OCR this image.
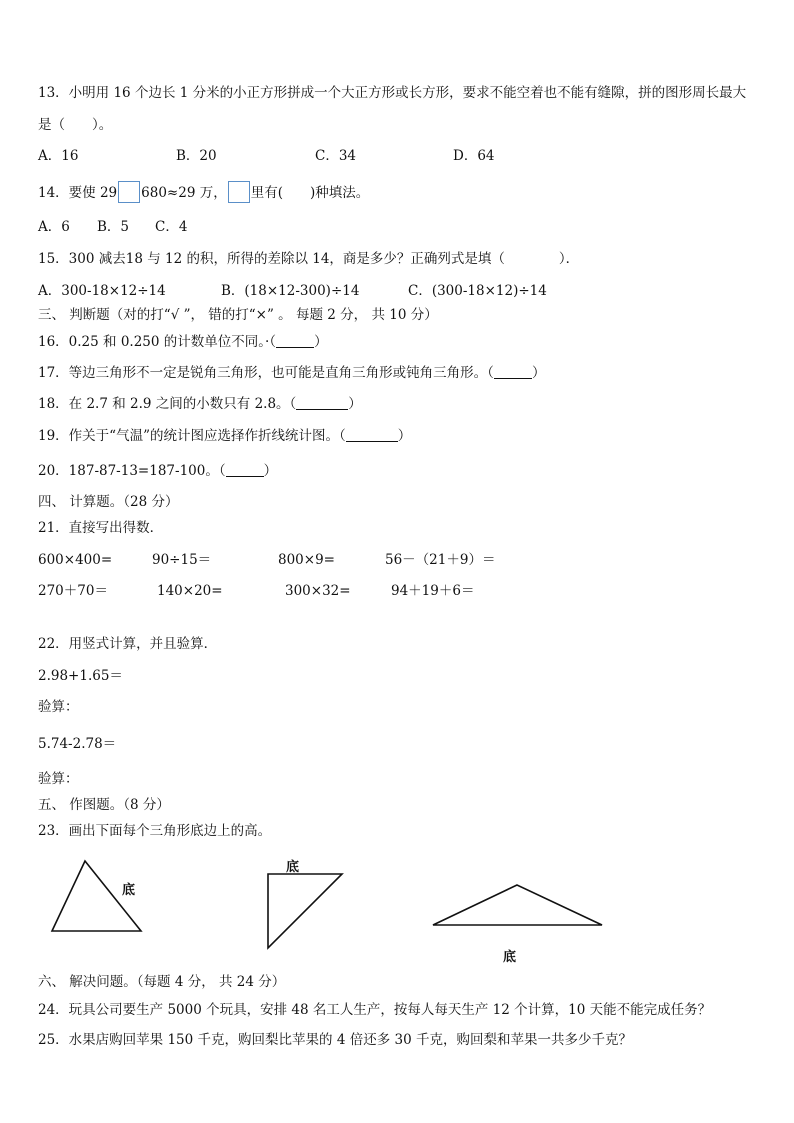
13．小明用 16 个边长 1 分米的小正方形拼成一个大正方形或长方形，要求不能空着也不能有缝隙，拼的图形周长最大
是（　　）。
A．16	B．20	C．34	D．64
14．要使 29 680≈29 万， 里有(　　)种填法。
A．6 B．5 C．4
15．300 减去18 与 12 的积，所得的差除以 14，商是多少？正确列式是填（　　　　）．
A．300-18×12÷14	B．(18×12-300)÷14	C．(300-18×12)÷14
三、 判断题（对的打“√ ”， 错的打“×” 。 每题 2 分， 共 10 分）
16．0.25 和 0.250 的计数单位不同。·（	）
17．等边三角形不一定是锐角三角形，也可能是直角三角形或钝角三角形。（	）
18．在 2.7 和 2.9 之间的小数只有 2.8。（	）
19．作关于“气温”的统计图应选择作折线统计图。（	）
20．187-87-13=187-100。（	）
四、 计算题。（28 分）
21．直接写出得数．
600×400=	90÷15＝	800×9=	56－（21＋9）＝
270＋70＝	140×20=	300×32=	94＋19＋6＝
22．用竖式计算，并且验算．
2.98+1.65＝
验算：
5.74-2.78＝
验算：
五、 作图题。（8 分）
23．画出下面每个三角形底边上的高。
底
底
底
六、 解决问题。（每题 4 分， 共 24 分）
24．玩具公司要生产 5000 个玩具，安排 48 名工人生产，按每人每天生产 12 个计算，10 天能不能完成任务？
25．水果店购回苹果 150 千克，购回梨比苹果的 4 倍还多 30 千克，购回梨和苹果一共多少千克？
